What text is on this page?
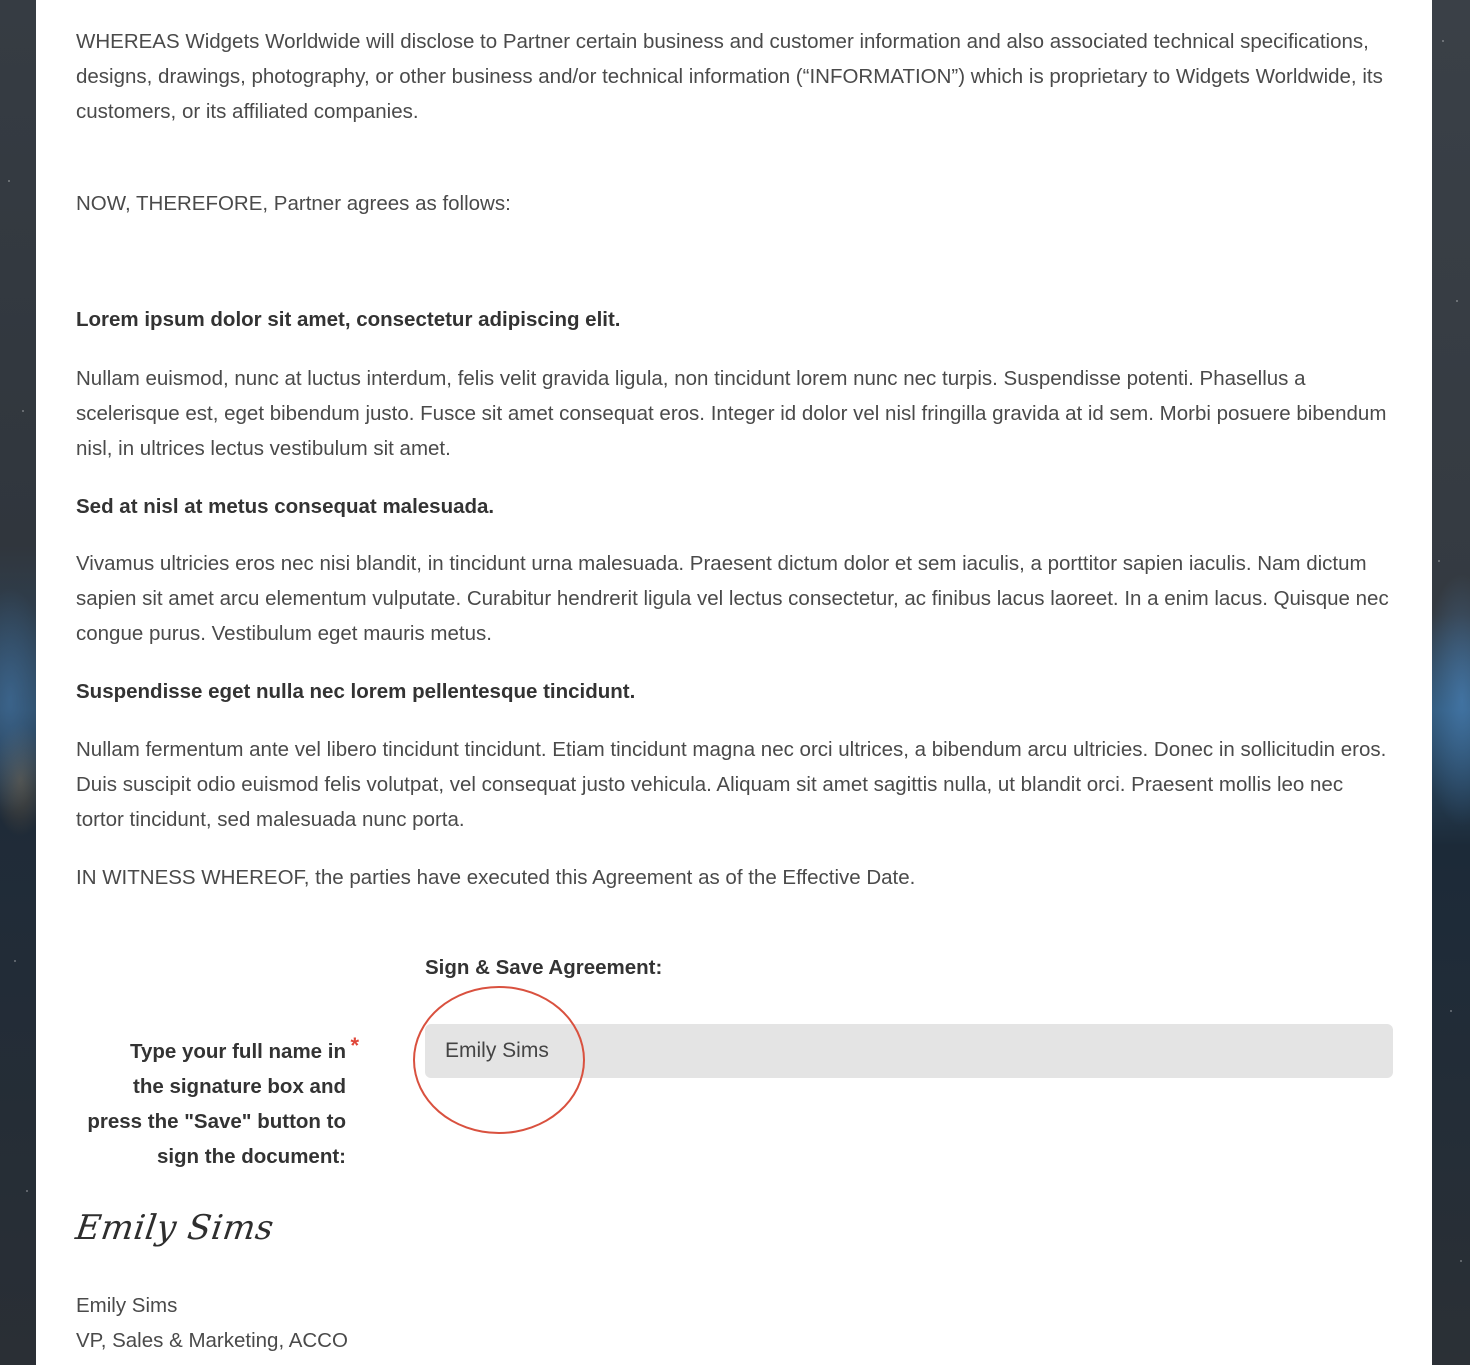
WHEREAS Widgets Worldwide will disclose to Partner certain business and customer information and also associated technical specifications, designs, drawings, photography, or other business and/or technical information (“INFORMATION”) which is proprietary to Widgets Worldwide, its customers, or its affiliated companies.

NOW, THEREFORE, Partner agrees as follows:

Lorem ipsum dolor sit amet, consectetur adipiscing elit.

Nullam euismod, nunc at luctus interdum, felis velit gravida ligula, non tincidunt lorem nunc nec turpis. Suspendisse potenti. Phasellus a scelerisque est, eget bibendum justo. Fusce sit amet consequat eros. Integer id dolor vel nisl fringilla gravida at id sem. Morbi posuere bibendum nisl, in ultrices lectus vestibulum sit amet.

Sed at nisl at metus consequat malesuada.

Vivamus ultricies eros nec nisi blandit, in tincidunt urna malesuada. Praesent dictum dolor et sem iaculis, a porttitor sapien iaculis. Nam dictum sapien sit amet arcu elementum vulputate. Curabitur hendrerit ligula vel lectus consectetur, ac finibus lacus laoreet. In a enim lacus. Quisque nec congue purus. Vestibulum eget mauris metus.

Suspendisse eget nulla nec lorem pellentesque tincidunt.

Nullam fermentum ante vel libero tincidunt tincidunt. Etiam tincidunt magna nec orci ultrices, a bibendum arcu ultricies. Donec in sollicitudin eros. Duis suscipit odio euismod felis volutpat, vel consequat justo vehicula. Aliquam sit amet sagittis nulla, ut blandit orci. Praesent mollis leo nec tortor tincidunt, sed malesuada nunc porta.

IN WITNESS WHEREOF, the parties have executed this Agreement as of the Effective Date.

Sign & Save Agreement:
Type your full name in *
the signature box and
press the "Save" button to
sign the document:
Emily Sims
Emily Sims
Emily Sims
VP, Sales & Marketing, ACCO
